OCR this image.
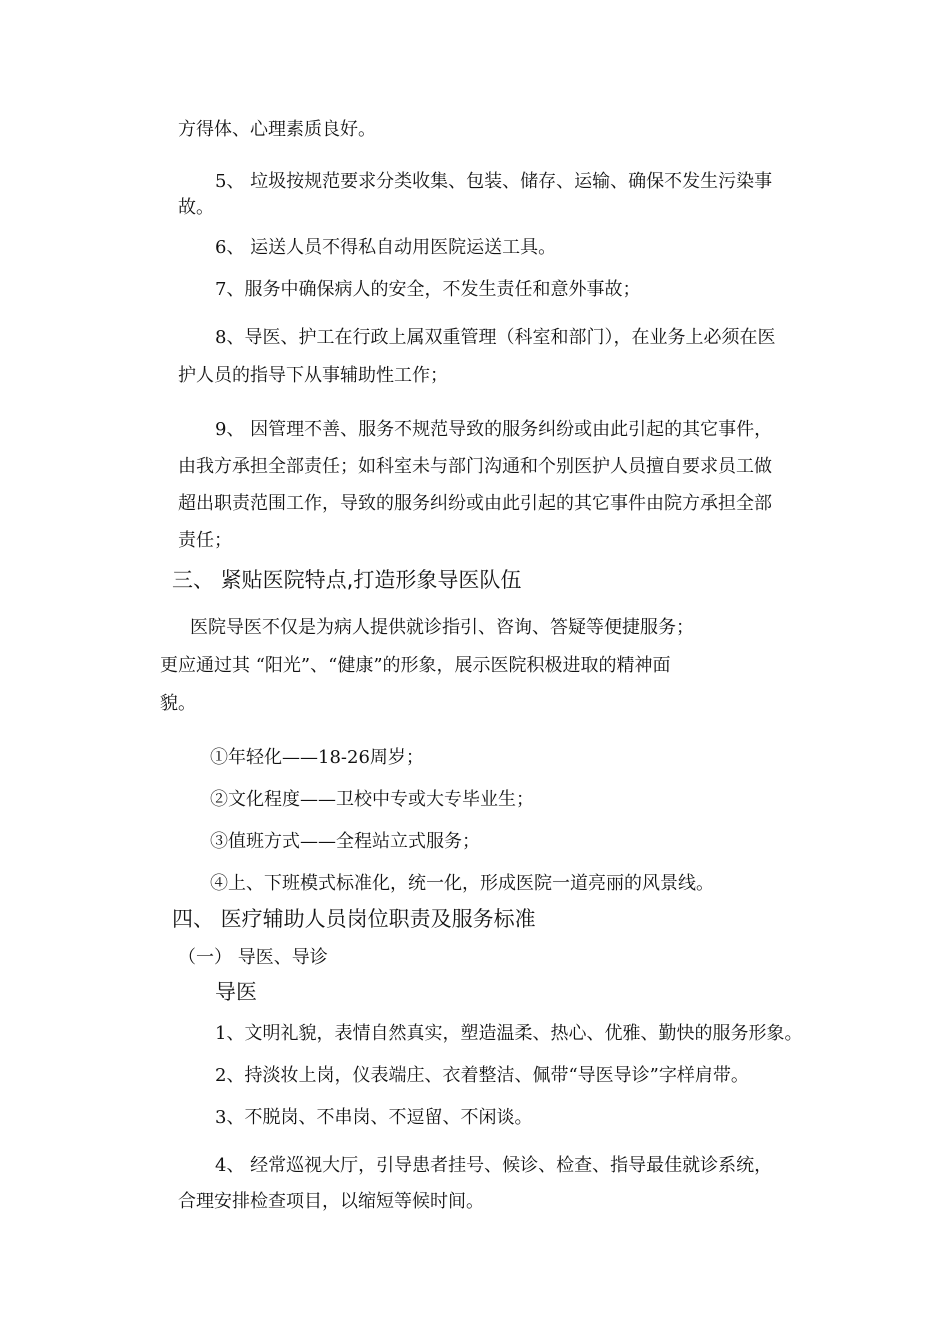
方得体、心理素质良好。
5、 垃圾按规范要求分类收集、包装、储存、运输、确保不发生污染事
故。
6、 运送人员不得私自动用医院运送工具。
7、服务中确保病人的安全，不发生责任和意外事故；
8、导医、护工在行政上属双重管理（科室和部门），在业务上必须在医
护人员的指导下从事辅助性工作；
9、 因管理不善、服务不规范导致的服务纠纷或由此引起的其它事件，
由我方承担全部责任；如科室未与部门沟通和个别医护人员擅自要求员工做
超出职责范围工作，导致的服务纠纷或由此引起的其它事件由院方承担全部
责任；
三、 紧贴医院特点,打造形象导医队伍
医院导医不仅是为病人提供就诊指引、咨询、答疑等便捷服务；
更应通过其 “阳光”、“健康”的形象，展示医院积极进取的精神面
貌。
①年轻化——18-26周岁；
②文化程度——卫校中专或大专毕业生；
③值班方式——全程站立式服务；
④上、下班模式标准化，统一化，形成医院一道亮丽的风景线。
四、 医疗辅助人员岗位职责及服务标准
（一） 导医、导诊
导医
1、文明礼貌，表情自然真实，塑造温柔、热心、优雅、勤快的服务形象。
2、持淡妆上岗，仪表端庄、衣着整洁、佩带“导医导诊”字样肩带。
3、不脱岗、不串岗、不逗留、不闲谈。
4、 经常巡视大厅，引导患者挂号、候诊、检查、指导最佳就诊系统，
合理安排检查项目，以缩短等候时间。
